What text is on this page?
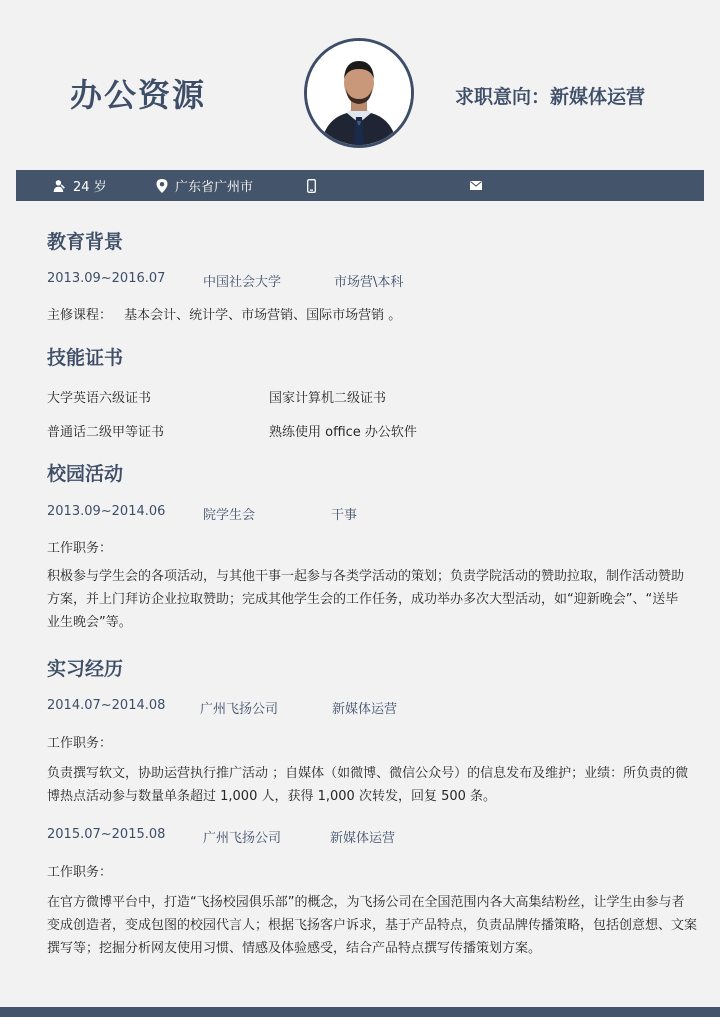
办公资源	求职意向：新媒体运营
24 岁	广东省广州市
教育背景
2013.09~2016.07	中国社会大学	市场营\本科
主修课程： 基本会计、统计学、市场营销、国际市场营销 。
技能证书
大学英语六级证书	国家计算机二级证书
普通话二级甲等证书	熟练使用 office 办公软件
校园活动
2013.09~2014.06	院学生会	干事
工作职务：
积极参与学生会的各项活动，与其他干事一起参与各类学活动的策划；负责学院活动的赞助拉取，制作活动赞助
方案，并上门拜访企业拉取赞助；完成其他学生会的工作任务，成功举办多次大型活动，如“迎新晚会”、“送毕
业生晚会”等。
实习经历
2014.07~2014.08	广州飞扬公司	新媒体运营
工作职务：
负责撰写软文，协助运营执行推广活动 ；自媒体（如微博、微信公众号）的信息发布及维护；业绩：所负责的微
博热点活动参与数量单条超过 1,000 人，获得 1,000 次转发，回复 500 条。
2015.07~2015.08	广州飞扬公司	新媒体运营
工作职务：
在官方微博平台中，打造“飞扬校园俱乐部”的概念，为飞扬公司在全国范围内各大高集结粉丝，让学生由参与者
变成创造者，变成包图的校园代言人；根据飞扬客户诉求，基于产品特点，负责品牌传播策略，包括创意想、文案
撰写等；挖掘分析网友使用习惯、情感及体验感受，结合产品特点撰写传播策划方案。
